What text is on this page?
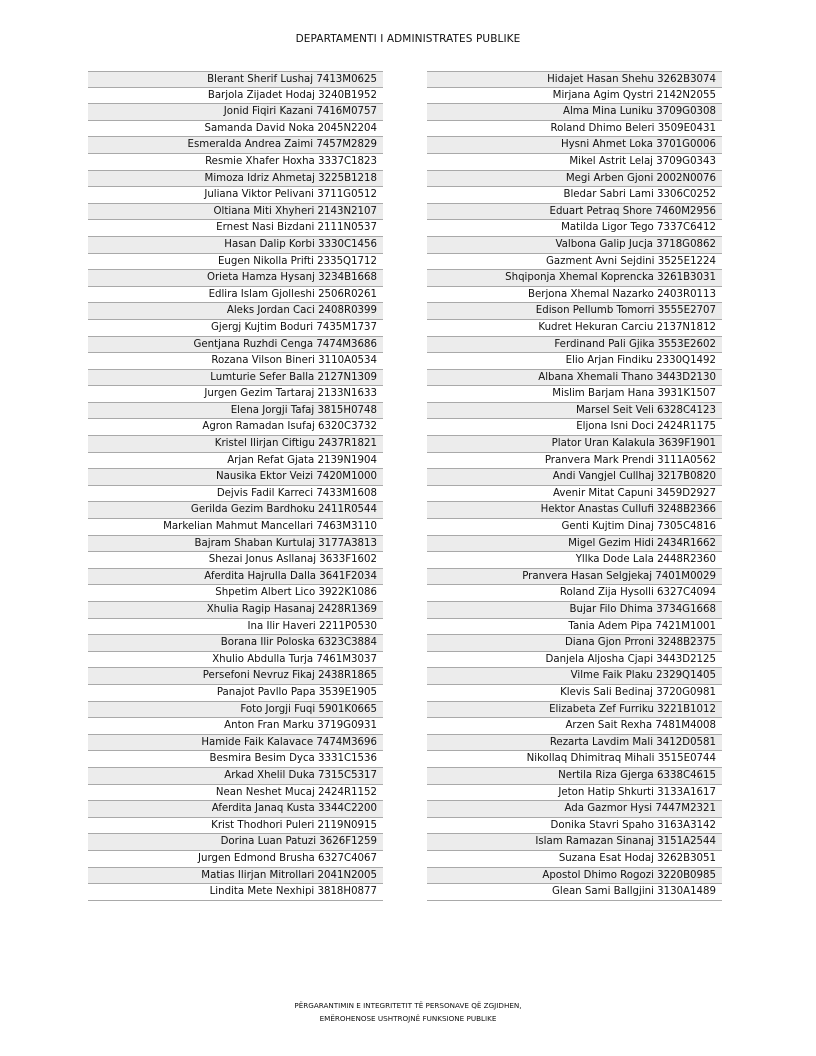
DEPARTAMENTI I ADMINISTRATES PUBLIKE
Blerant Sherif Lushaj 7413M0625
Barjola Zijadet Hodaj 3240B1952
Jonid Fiqiri Kazani 7416M0757
Samanda David Noka 2045N2204
Esmeralda Andrea Zaimi 7457M2829
Resmie Xhafer Hoxha 3337C1823
Mimoza Idriz Ahmetaj 3225B1218
Juliana Viktor Pelivani 3711G0512
Oltiana Miti Xhyheri 2143N2107
Ernest Nasi Bizdani 2111N0537
Hasan Dalip Korbi 3330C1456
Eugen Nikolla Prifti 2335Q1712
Orieta Hamza Hysanj 3234B1668
Edlira Islam Gjolleshi 2506R0261
Aleks Jordan Caci 2408R0399
Gjergj Kujtim Boduri 7435M1737
Gentjana Ruzhdi Cenga 7474M3686
Rozana Vilson Bineri 3110A0534
Lumturie Sefer Balla 2127N1309
Jurgen Gezim Tartaraj 2133N1633
Elena Jorgji Tafaj 3815H0748
Agron Ramadan Isufaj 6320C3732
Kristel Ilirjan Ciftigu 2437R1821
Arjan Refat Gjata 2139N1904
Nausika Ektor Veizi 7420M1000
Dejvis Fadil Karreci 7433M1608
Gerilda Gezim Bardhoku 2411R0544
Markelian Mahmut Mancellari 7463M3110
Bajram Shaban Kurtulaj 3177A3813
Shezai Jonus Asllanaj 3633F1602
Aferdita Hajrulla Dalla 3641F2034
Shpetim Albert Lico 3922K1086
Xhulia Ragip Hasanaj 2428R1369
Ina Ilir Haveri 2211P0530
Borana Ilir Poloska 6323C3884
Xhulio Abdulla Turja 7461M3037
Persefoni Nevruz Fikaj 2438R1865
Panajot Pavllo Papa 3539E1905
Foto Jorgji Fuqi 5901K0665
Anton Fran Marku 3719G0931
Hamide Faik Kalavace 7474M3696
Besmira Besim Dyca 3331C1536
Arkad Xhelil Duka 7315C5317
Nean Neshet Mucaj 2424R1152
Aferdita Janaq Kusta 3344C2200
Krist Thodhori Puleri 2119N0915
Dorina Luan Patuzi 3626F1259
Jurgen Edmond Brusha 6327C4067
Matias Ilirjan Mitrollari 2041N2005
Lindita Mete Nexhipi 3818H0877
Hidajet Hasan Shehu 3262B3074
Mirjana Agim Qystri 2142N2055
Alma Mina Luniku 3709G0308
Roland Dhimo Beleri 3509E0431
Hysni Ahmet Loka 3701G0006
Mikel Astrit Lelaj 3709G0343
Megi Arben Gjoni 2002N0076
Bledar Sabri Lami 3306C0252
Eduart Petraq Shore 7460M2956
Matilda Ligor Tego 7337C6412
Valbona Galip Jucja 3718G0862
Gazment Avni Sejdini 3525E1224
Shqiponja Xhemal Koprencka 3261B3031
Berjona Xhemal Nazarko 2403R0113
Edison Pellumb Tomorri 3555E2707
Kudret Hekuran Carciu 2137N1812
Ferdinand Pali Gjika 3553E2602
Elio Arjan Findiku 2330Q1492
Albana Xhemali Thano 3443D2130
Mislim Barjam Hana 3931K1507
Marsel Seit Veli 6328C4123
Eljona Isni Doci 2424R1175
Plator Uran Kalakula 3639F1901
Pranvera Mark Prendi 3111A0562
Andi Vangjel Cullhaj 3217B0820
Avenir Mitat Capuni 3459D2927
Hektor Anastas Cullufi 3248B2366
Genti Kujtim Dinaj 7305C4816
Migel Gezim Hidi 2434R1662
Yllka Dode Lala 2448R2360
Pranvera Hasan Selgjekaj 7401M0029
Roland Zija Hysolli 6327C4094
Bujar Filo Dhima 3734G1668
Tania Adem Pipa 7421M1001
Diana Gjon Prroni 3248B2375
Danjela Aljosha Cjapi 3443D2125
Vilme Faik Plaku 2329Q1405
Klevis Sali Bedinaj 3720G0981
Elizabeta Zef Furriku 3221B1012
Arzen Sait Rexha 7481M4008
Rezarta Lavdim Mali 3412D0581
Nikollaq Dhimitraq Mihali 3515E0744
Nertila Riza Gjerga 6338C4615
Jeton Hatip Shkurti 3133A1617
Ada Gazmor Hysi 7447M2321
Donika Stavri Spaho 3163A3142
Islam Ramazan Sinanaj 3151A2544
Suzana Esat Hodaj 3262B3051
Apostol Dhimo Rogozi 3220B0985
Glean Sami Ballgjini 3130A1489
PËRGARANTIMIN E INTEGRITETIT TË PERSONAVE QË ZGJIDHEN,
EMËROHENOSE USHTROJNË FUNKSIONE PUBLIKE
